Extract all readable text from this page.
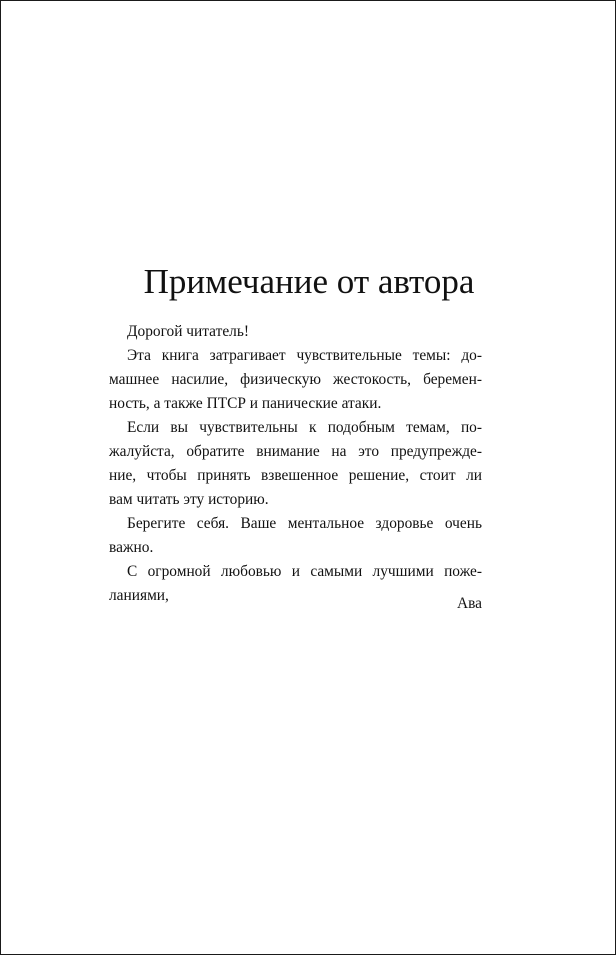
Примечание от автора
Дорогой читатель!
Эта книга затрагивает чувствительные темы: до-
машнее насилие, физическую жестокость, беремен-
ность, а также ПТСР и панические атаки.
Если вы чувствительны к подобным темам, по-
жалуйста, обратите внимание на это предупрежде-
ние, чтобы принять взвешенное решение, стоит ли
вам читать эту историю.
Берегите себя. Ваше ментальное здоровье очень
важно.
С огромной любовью и самыми лучшими поже-
ланиями,	Ава
